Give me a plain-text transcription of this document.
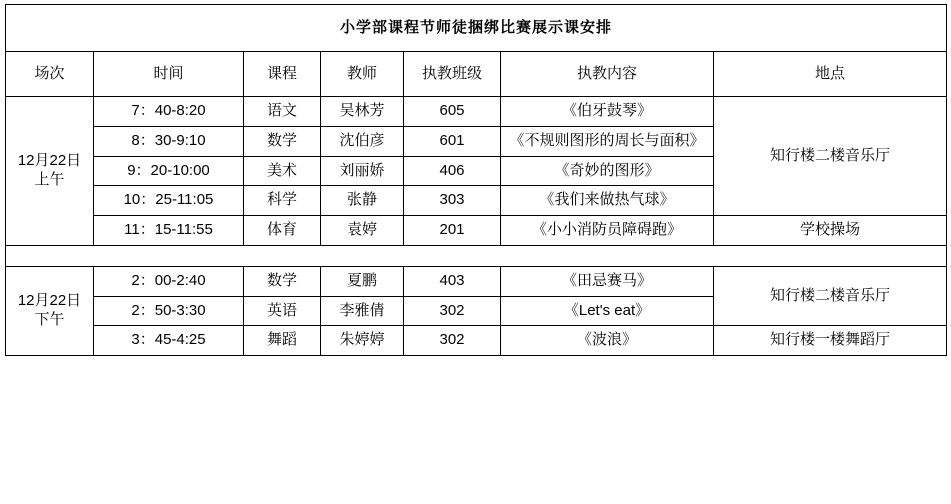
小学部课程节师徒捆绑比赛展示课安排						
场次	时间	课程	教师	执教班级	执教内容	地点
12月22日
上午	7：40-8:20	语文	吴林芳	605	《伯牙鼓琴》	知行楼二楼音乐厅
	8：30-9:10	数学	沈伯彦	601	《不规则图形的周长与面积》	
	9：20-10:00	美术	刘丽娇	406	《奇妙的图形》	
	10：25-11:05	科学	张静	303	《我们来做热气球》	
	11：15-11:55	体育	袁婷	201	《小小消防员障碍跑》	学校操场

12月22日
下午	2：00-2:40	数学	夏鹏	403	《田忌赛马》	知行楼二楼音乐厅
	2：50-3:30	英语	李雅倩	302	《Let's eat》	
	3：45-4:25	舞蹈	朱婷婷	302	《波浪》	知行楼一楼舞蹈厅
